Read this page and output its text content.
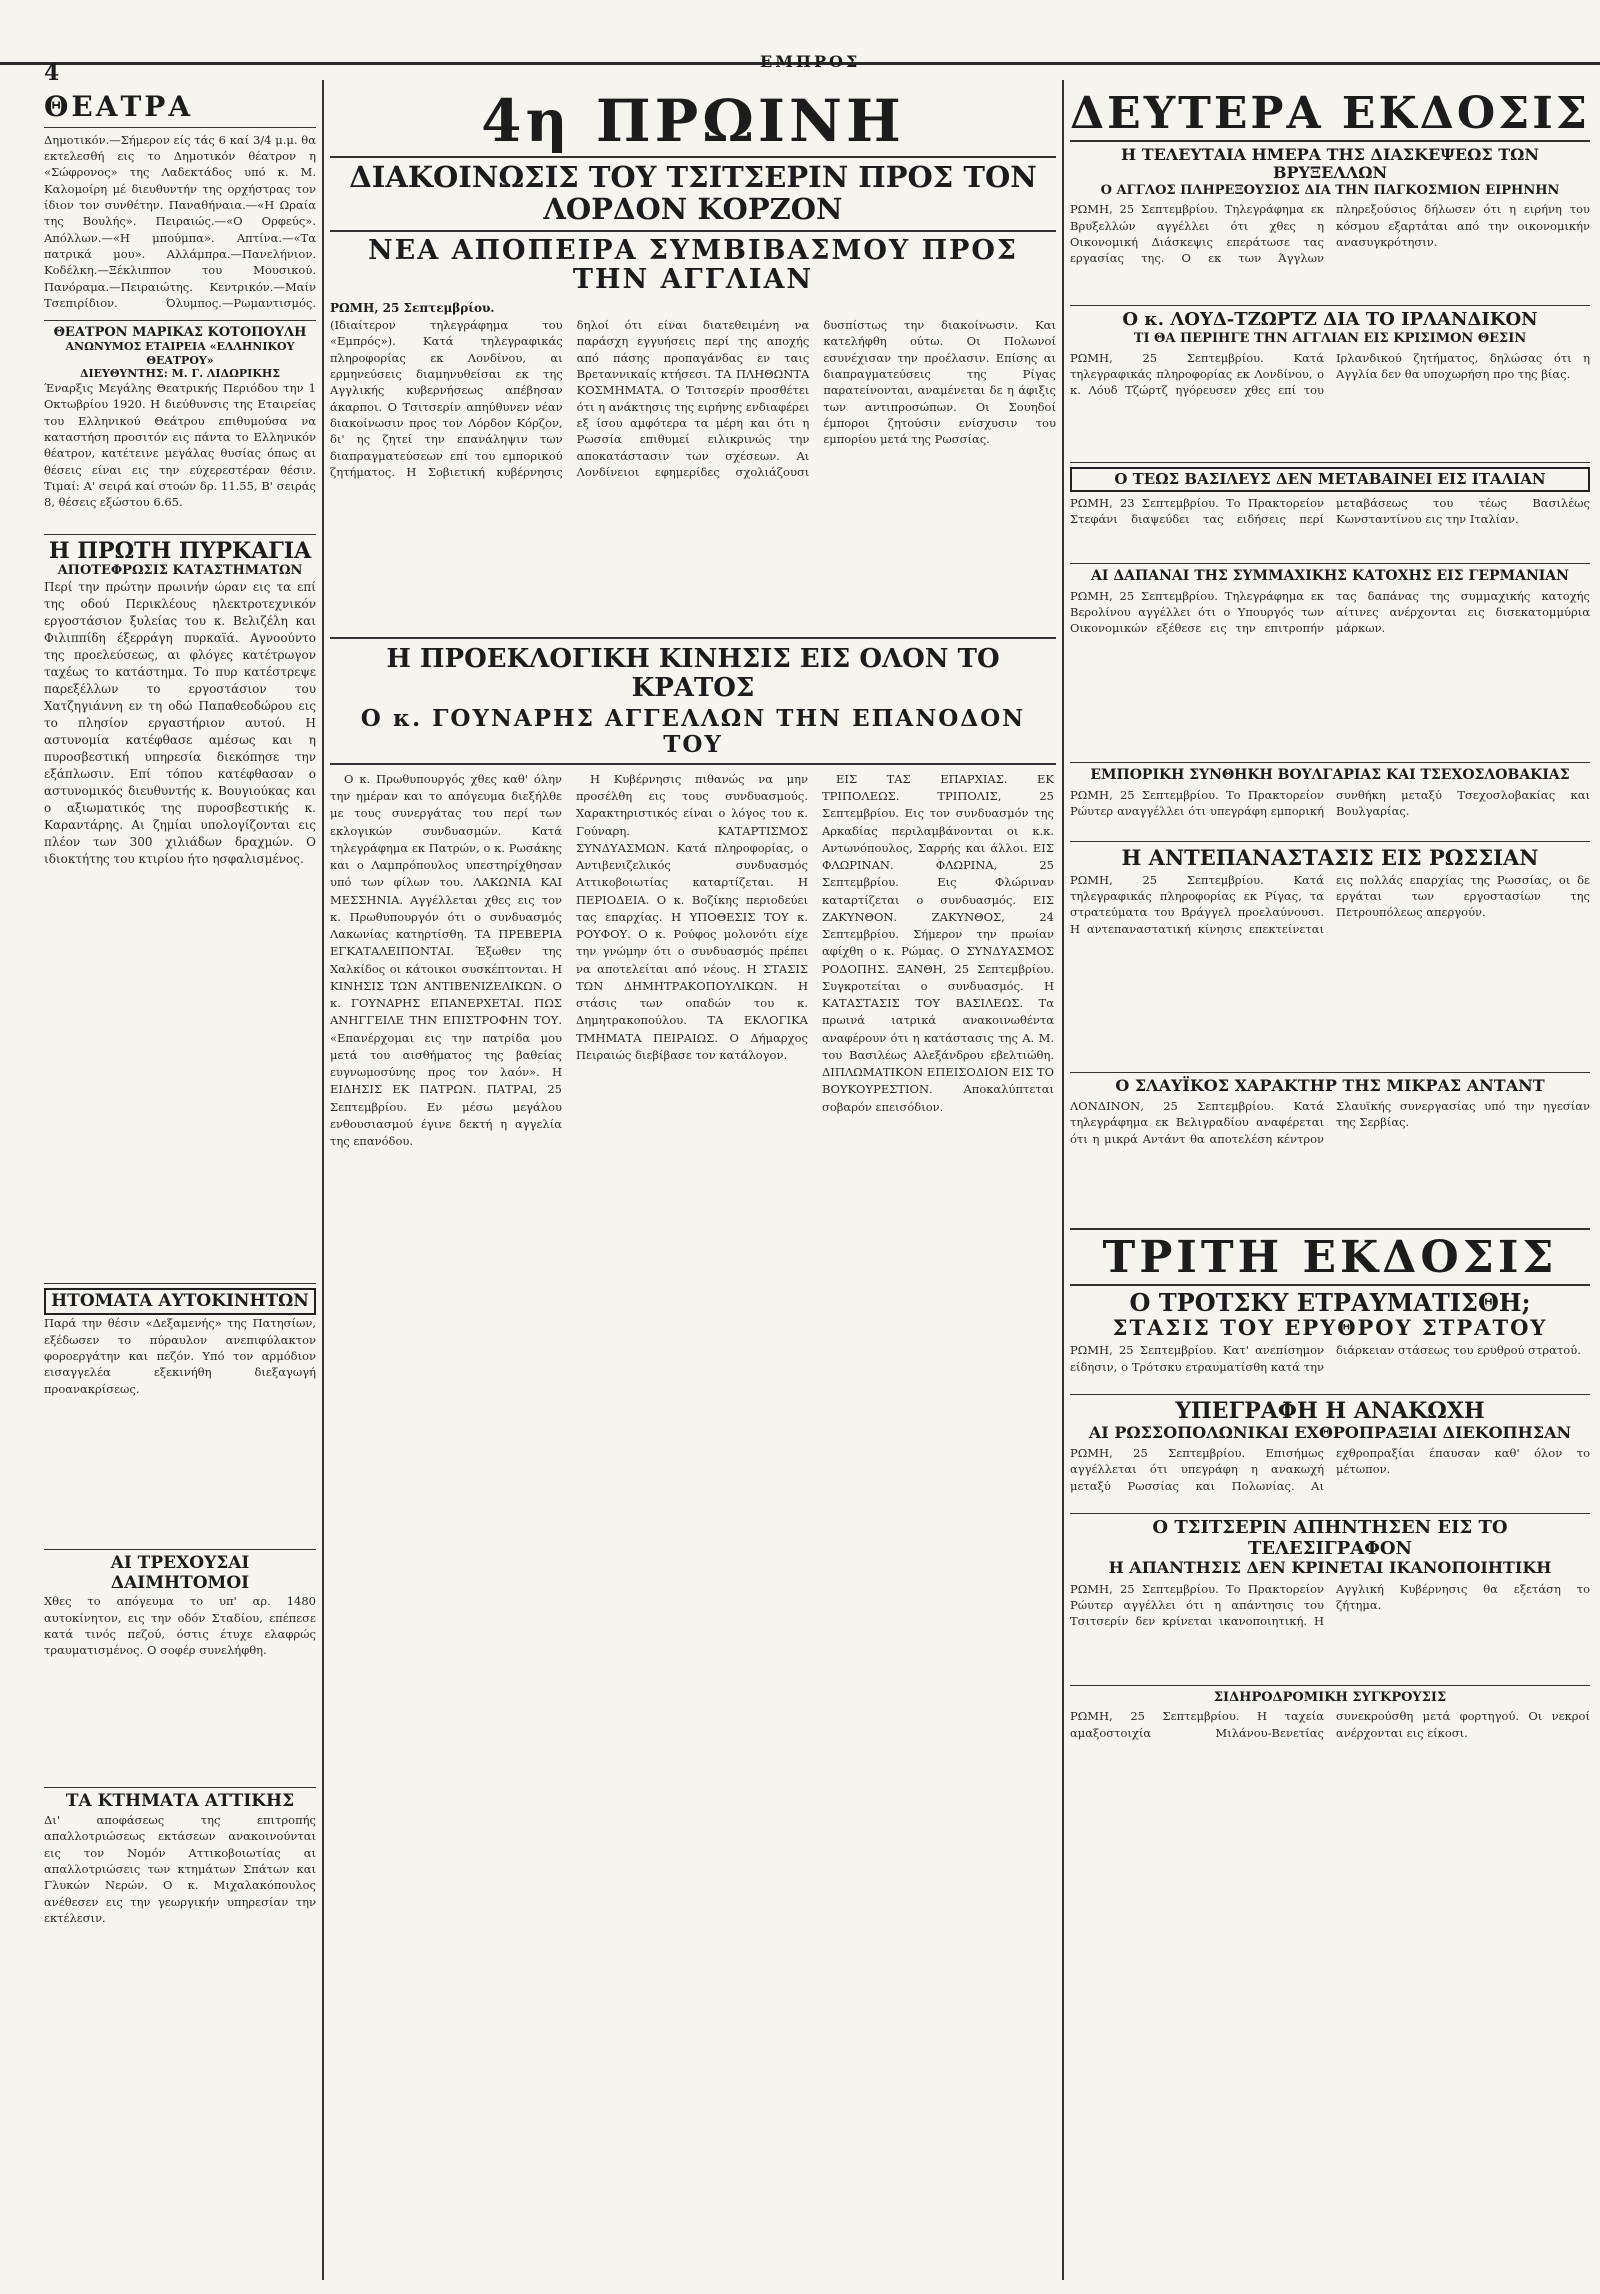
4	ΕΜΠΡΟΣ
ΘΕΑΤΡΑ

Δημοτικόν.—Σήμερον είς τάς 6 καί 3/4 μ.μ. θα εκτελεσθή εις το Δημοτικόν θέατρον η «Σώφρονος» της Λαδεκτάδος υπό κ. Μ. Καλομοίρη μέ διευθυντήν της ορχήστρας τον ίδιον τον συνθέτην. Παναθήναια.—«Η Ωραία της Βουλής». Πειραιώς.—«Ο Ορφεύς». Απόλλων.—«Η μπούμπα». Απτίνα.—«Τα πατρικά μου». Αλλάμπρα.—Πανελήνιον. Κοδέλκη.—Ξέκλιππον του Μουσικού. Πανόραμα.—Πειραιώτης. Κεντρικόν.—Μαίν Τσεπιρίδιον. Όλυμπος.—Ρωμαντισμός.

ΘΕΑΤΡΟΝ ΜΑΡΙΚΑΣ ΚΟΤΟΠΟΥΛΗ
ΑΝΩΝΥΜΟΣ ΕΤΑΙΡΕΙΑ «ΕΛΛΗΝΙΚΟΥ ΘΕΑΤΡΟΥ»
ΔΙΕΥΘΥΝΤΗΣ: Μ. Γ. ΛΙΔΩΡΙΚΗΣ

Έναρξις Μεγάλης Θεατρικής Περιόδου την 1 Οκτωβρίου 1920. Η διεύθυνσις της Εταιρείας του Ελληνικού Θεάτρου επιθυμούσα να καταστήση προσιτόν εις πάντα το Ελληνικόν θέατρον, κατέτεινε μεγάλας θυσίας όπως αι θέσεις είναι εις την εύχερεστέραν θέσιν. Τιμαί: Α' σειρά καί στοών δρ. 11.55, Β' σειράς 8, θέσεις εξώστου 6.65.

Η ΠΡΩΤΗ ΠΥΡΚΑΓΙΑ
ΑΠΟΤΕΦΡΩΣΙΣ ΚΑΤΑΣΤΗΜΑΤΩΝ

Περί την πρώτην πρωινήν ώραν εις τα επί της οδού Περικλέους ηλεκτροτεχνικόν εργοστάσιον ξυλείας του κ. Βελιζέλη και Φιλιππίδη έξερράγη πυρκαϊά. Αγνοούντο της προελεύσεως, αι φλόγες κατέτρωγον ταχέως το κατάστημα. Το πυρ κατέστρεψε παρεξέλλων το εργοστάσιον του Χατζηγιάννη εν τη οδώ Παπαθεοδώρου εις το πλησίον εργαστήριον αυτού. Η αστυνομία κατέφθασε αμέσως και η πυροσβεστική υπηρεσία διεκόπησε την εξάπλωσιν. Επί τόπου κατέφθασαν ο αστυνομικός διευθυντής κ. Βουγιούκας και ο αξιωματικός της πυροσβεστικής κ. Καραντάρης. Αι ζημίαι υπολογίζονται εις πλέον των 300 χιλιάδων δραχμών. Ο ιδιοκτήτης του κτιρίου ήτο ησφαλισμένος.

ΗΤΟΜΑΤΑ ΑΥΤΟΚΙΝΗΤΩΝ

Παρά την θέσιν «Δεξαμενής» της Πατησίων, εξέδωσεν το πύραυλον ανεπιφύλακτον φοροεργάτην και πεζόν. Υπό τον αρμόδιον εισαγγελέα εξεκινήθη διεξαγωγή προανακρίσεως.

ΑΙ ΤΡΕΧΟΥΣΑΙ ΔΑΙΜΗΤΟΜΟΙ

Χθες το απόγευμα το υπ' αρ. 1480 αυτοκίνητον, εις την οδόν Σταδίου, επέπεσε κατά τινός πεζού, όστις έτυχε ελαφρώς τραυματισμένος. Ο σοφέρ συνελήφθη.

ΤΑ ΚΤΗΜΑΤΑ ΑΤΤΙΚΗΣ

Δι' αποφάσεως της επιτροπής απαλλοτριώσεως εκτάσεων ανακοινούνται εις τον Νομόν Αττικοβοιωτίας αι απαλλοτριώσεις των κτημάτων Σπάτων και Γλυκών Νερών. Ο κ. Μιχαλακόπουλος ανέθεσεν εις την γεωργικήν υπηρεσίαν την εκτέλεσιν.

4η ΠΡΩΙΝΗ
ΔΙΑΚΟΙΝΩΣΙΣ ΤΟΥ ΤΣΙΤΣΕΡΙΝ ΠΡΟΣ ΤΟΝ ΛΟΡΔΟΝ ΚΟΡΖΟΝ
ΝΕΑ ΑΠΟΠΕΙΡΑ ΣΥΜΒΙΒΑΣΜΟΥ ΠΡΟΣ ΤΗΝ ΑΓΓΛΙΑΝ
ΡΩΜΗ, 25 Σεπτεμβρίου.

(Ιδιαίτερον τηλεγράφημα του «Εμπρός»). Κατά τηλεγραφικάς πληροφορίας εκ Λονδίνου, αι ερμηνεύσεις διαμηνυθείσαι εκ της Αγγλικής κυβερνήσεως απέβησαν άκαρποι. Ο Τσιτσερίν απηύθυνεν νέαν διακοίνωσιν προς τον Λόρδον Κόρζον, δι' ης ζητεί την επανάληψιν των διαπραγματεύσεων επί του εμπορικού ζητήματος. Η Σοβιετική κυβέρνησις δηλοί ότι είναι διατεθειμένη να παράσχη εγγυήσεις περί της αποχής από πάσης προπαγάνδας εν ταις Βρεταννικαίς κτήσεσι. ΤΑ ΠΛΗΘΩΝΤΑ ΚΟΣΜΗΜΑΤΑ. Ο Τσιτσερίν προσθέτει ότι η ανάκτησις της ειρήνης ενδιαφέρει εξ ίσου αμφότερα τα μέρη και ότι η Ρωσσία επιθυμεί ειλικρινώς την αποκατάστασιν των σχέσεων. Αι Λονδίνειοι εφημερίδες σχολιάζουσι δυσπίστως την διακοίνωσιν. Και κατελήφθη ούτω. Οι Πολωνοί εσυνέχισαν την προέλασιν. Επίσης αι διαπραγματεύσεις της Ρίγας παρατείνονται, αναμένεται δε η άφιξις των αντιπροσώπων. Οι Σουηδοί έμποροι ζητούσιν ενίσχυσιν του εμπορίου μετά της Ρωσσίας.

Η ΠΡΟΕΚΛΟΓΙΚΗ ΚΙΝΗΣΙΣ ΕΙΣ ΟΛΟΝ ΤΟ ΚΡΑΤΟΣ
Ο κ. ΓΟΥΝΑΡΗΣ ΑΓΓΕΛΛΩΝ ΤΗΝ ΕΠΑΝΟΔΟΝ ΤΟΥ

Ο κ. Πρωθυπουργός χθες καθ' όλην την ημέραν και το απόγευμα διεξήλθε με τους συνεργάτας του περί των εκλογικών συνδυασμών. Κατά τηλεγράφημα εκ Πατρών, ο κ. Ρωσάκης και ο Λαμπρόπουλος υπεστηρίχθησαν υπό των φίλων του. ΛΑΚΩΝΙΑ ΚΑΙ ΜΕΣΣΗΝΙΑ. Αγγέλλεται χθες εις τον κ. Πρωθυπουργόν ότι ο συνδυασμός Λακωνίας κατηρτίσθη. ΤΑ ΠΡΕΒΕΡΙΑ ΕΓΚΑΤΑΛΕΙΠΟΝΤΑΙ. Έξωθεν της Χαλκίδος οι κάτοικοι συσκέπτονται. Η ΚΙΝΗΣΙΣ ΤΩΝ ΑΝΤΙΒΕΝΙΖΕΛΙΚΩΝ. Ο κ. ΓΟΥΝΑΡΗΣ ΕΠΑΝΕΡΧΕΤΑΙ. ΠΩΣ ΑΝΗΓΓΕΙΛΕ ΤΗΝ ΕΠΙΣΤΡΟΦΗΝ ΤΟΥ. «Επανέρχομαι εις την πατρίδα μου μετά του αισθήματος της βαθείας ευγνωμοσύνης προς τον λαόν». Η ΕΙΔΗΣΙΣ ΕΚ ΠΑΤΡΩΝ. ΠΑΤΡΑΙ, 25 Σεπτεμβρίου. Εν μέσω μεγάλου ενθουσιασμού έγινε δεκτή η αγγελία της επανόδου.

Η Κυβέρνησις πιθανώς να μην προσέλθη εις τους συνδυασμούς. Χαρακτηριστικός είναι ο λόγος του κ. Γούναρη. ΚΑΤΑΡΤΙΣΜΟΣ ΣΥΝΔΥΑΣΜΩΝ. Κατά πληροφορίας, ο Αντιβενιζελικός συνδυασμός Αττικοβοιωτίας καταρτίζεται. Η ΠΕΡΙΟΔΕΙΑ. Ο κ. Βοζίκης περιοδεύει τας επαρχίας. Η ΥΠΟΘΕΣΙΣ ΤΟΥ κ. ΡΟΥΦΟΥ. Ο κ. Ρούφος μολονότι είχε την γνώμην ότι ο συνδυασμός πρέπει να αποτελείται από νέους. Η ΣΤΑΣΙΣ ΤΩΝ ΔΗΜΗΤΡΑΚΟΠΟΥΛΙΚΩΝ. Η στάσις των οπαδών του κ. Δημητρακοπούλου. ΤΑ ΕΚΛΟΓΙΚΑ ΤΜΗΜΑΤΑ ΠΕΙΡΑΙΩΣ. Ο Δήμαρχος Πειραιώς διεβίβασε τον κατάλογον.

ΕΙΣ ΤΑΣ ΕΠΑΡΧΙΑΣ. ΕΚ ΤΡΙΠΟΛΕΩΣ. ΤΡΙΠΟΛΙΣ, 25 Σεπτεμβρίου. Εις τον συνδυασμόν της Αρκαδίας περιλαμβάνονται οι κ.κ. Αντωνόπουλος, Σαρρής και άλλοι. ΕΙΣ ΦΛΩΡΙΝΑΝ. ΦΛΩΡΙΝΑ, 25 Σεπτεμβρίου. Εις Φλώριναν καταρτίζεται ο συνδυασμός. ΕΙΣ ΖΑΚΥΝΘΟΝ. ΖΑΚΥΝΘΟΣ, 24 Σεπτεμβρίου. Σήμερον την πρωίαν αφίχθη ο κ. Ρώμας. Ο ΣΥΝΔΥΑΣΜΟΣ ΡΟΔΟΠΗΣ. ΞΑΝΘΗ, 25 Σεπτεμβρίου. Συγκροτείται ο συνδυασμός. Η ΚΑΤΑΣΤΑΣΙΣ ΤΟΥ ΒΑΣΙΛΕΩΣ. Τα πρωινά ιατρικά ανακοινωθέντα αναφέρουν ότι η κατάστασις της Α. Μ. του Βασιλέως Αλεξάνδρου εβελτιώθη. ΔΙΠΛΩΜΑΤΙΚΟΝ ΕΠΕΙΣΟΔΙΟΝ ΕΙΣ ΤΟ ΒΟΥΚΟΥΡΕΣΤΙΟΝ. Αποκαλύπτεται σοβαρόν επεισόδιον.

ΔΕΥΤΕΡΑ ΕΚΔΟΣΙΣ
Η ΤΕΛΕΥΤΑΙΑ ΗΜΕΡΑ ΤΗΣ ΔΙΑΣΚΕΨΕΩΣ ΤΩΝ ΒΡΥΞΕΛΛΩΝ
Ο ΑΓΓΛΟΣ ΠΛΗΡΕΞΟΥΣΙΟΣ ΔΙΑ ΤΗΝ ΠΑΓΚΟΣΜΙΟΝ ΕΙΡΗΝΗΝ

ΡΩΜΗ, 25 Σεπτεμβρίου. Τηλεγράφημα εκ Βρυξελλών αγγέλλει ότι χθες η Οικονομική Διάσκεψις επεράτωσε τας εργασίας της. Ο εκ των Άγγλων πληρεξούσιος δήλωσεν ότι η ειρήνη του κόσμου εξαρτάται από την οικονομικήν ανασυγκρότησιν.

Ο κ. ΛΟΥΔ-ΤΖΩΡΤΖ ΔΙΑ ΤΟ ΙΡΛΑΝΔΙΚΟΝ
ΤΙ ΘΑ ΠΕΡΙΗΓΕ ΤΗΝ ΑΓΓΛΙΑΝ ΕΙΣ ΚΡΙΣΙΜΟΝ ΘΕΣΙΝ

ΡΩΜΗ, 25 Σεπτεμβρίου. Κατά τηλεγραφικάς πληροφορίας εκ Λονδίνου, ο κ. Λόυδ Τζώρτζ ηγόρευσεν χθες επί του Ιρλανδικού ζητήματος, δηλώσας ότι η Αγγλία δεν θα υποχωρήση προ της βίας.

Ο ΤΕΩΣ ΒΑΣΙΛΕΥΣ ΔΕΝ ΜΕΤΑΒΑΙΝΕΙ ΕΙΣ ΙΤΑΛΙΑΝ

ΡΩΜΗ, 23 Σεπτεμβρίου. Το Πρακτορείον Στεφάνι διαψεύδει τας ειδήσεις περί μεταβάσεως του τέως Βασιλέως Κωνσταντίνου εις την Ιταλίαν.

ΑΙ ΔΑΠΑΝΑΙ ΤΗΣ ΣΥΜΜΑΧΙΚΗΣ ΚΑΤΟΧΗΣ ΕΙΣ ΓΕΡΜΑΝΙΑΝ

ΡΩΜΗ, 25 Σεπτεμβρίου. Τηλεγράφημα εκ Βερολίνου αγγέλλει ότι ο Υπουργός των Οικονομικών εξέθεσε εις την επιτροπήν τας δαπάνας της συμμαχικής κατοχής αίτινες ανέρχονται εις δισεκατομμύρια μάρκων.

ΕΜΠΟΡΙΚΗ ΣΥΝΘΗΚΗ ΒΟΥΛΓΑΡΙΑΣ ΚΑΙ ΤΣΕΧΟΣΛΟΒΑΚΙΑΣ

ΡΩΜΗ, 25 Σεπτεμβρίου. Το Πρακτορείον Ρώυτερ αναγγέλλει ότι υπεγράφη εμπορική συνθήκη μεταξύ Τσεχοσλοβακίας και Βουλγαρίας.

Η ΑΝΤΕΠΑΝΑΣΤΑΣΙΣ ΕΙΣ ΡΩΣΣΙΑΝ

ΡΩΜΗ, 25 Σεπτεμβρίου. Κατά τηλεγραφικάς πληροφορίας εκ Ρίγας, τα στρατεύματα του Βράγγελ προελαύνουσι. Η αντεπαναστατική κίνησις επεκτείνεται εις πολλάς επαρχίας της Ρωσσίας, οι δε εργάται των εργοστασίων της Πετρουπόλεως απεργούν.

Ο ΣΛΑΥΪΚΟΣ ΧΑΡΑΚΤΗΡ ΤΗΣ ΜΙΚΡΑΣ ΑΝΤΑΝΤ

ΛΟΝΔΙΝΟΝ, 25 Σεπτεμβρίου. Κατά τηλεγράφημα εκ Βελιγραδίου αναφέρεται ότι η μικρά Αντάντ θα αποτελέση κέντρον Σλαυϊκής συνεργασίας υπό την ηγεσίαν της Σερβίας.

ΤΡΙΤΗ ΕΚΔΟΣΙΣ
Ο ΤΡΟΤΣΚΥ ΕΤΡΑΥΜΑΤΙΣΘΗ;
ΣΤΑΣΙΣ ΤΟΥ ΕΡΥΘΡΟΥ ΣΤΡΑΤΟΥ

ΡΩΜΗ, 25 Σεπτεμβρίου. Κατ' ανεπίσημον είδησιν, ο Τρότσκυ ετραυματίσθη κατά την διάρκειαν στάσεως του ερυθρού στρατού.

ΥΠΕΓΡΑΦΗ Η ΑΝΑΚΩΧΗ
ΑΙ ΡΩΣΣΟΠΟΛΩΝΙΚΑΙ ΕΧΘΡΟΠΡΑΞΙΑΙ ΔΙΕΚΟΠΗΣΑΝ

ΡΩΜΗ, 25 Σεπτεμβρίου. Επισήμως αγγέλλεται ότι υπεγράφη η ανακωχή μεταξύ Ρωσσίας και Πολωνίας. Αι εχθροπραξίαι έπαυσαν καθ' όλον το μέτωπον.

Ο ΤΣΙΤΣΕΡΙΝ ΑΠΗΝΤΗΣΕΝ ΕΙΣ ΤΟ ΤΕΛΕΣΙΓΡΑΦΟΝ
Η ΑΠΑΝΤΗΣΙΣ ΔΕΝ ΚΡΙΝΕΤΑΙ ΙΚΑΝΟΠΟΙΗΤΙΚΗ

ΡΩΜΗ, 25 Σεπτεμβρίου. Το Πρακτορείον Ρώυτερ αγγέλλει ότι η απάντησις του Τσιτσερίν δεν κρίνεται ικανοποιητική. Η Αγγλική Κυβέρνησις θα εξετάση το ζήτημα.

ΣΙΔΗΡΟΔΡΟΜΙΚΗ ΣΥΓΚΡΟΥΣΙΣ

ΡΩΜΗ, 25 Σεπτεμβρίου. Η ταχεία αμαξοστοιχία Μιλάνου-Βενετίας συνεκρούσθη μετά φορτηγού. Οι νεκροί ανέρχονται εις είκοσι.
